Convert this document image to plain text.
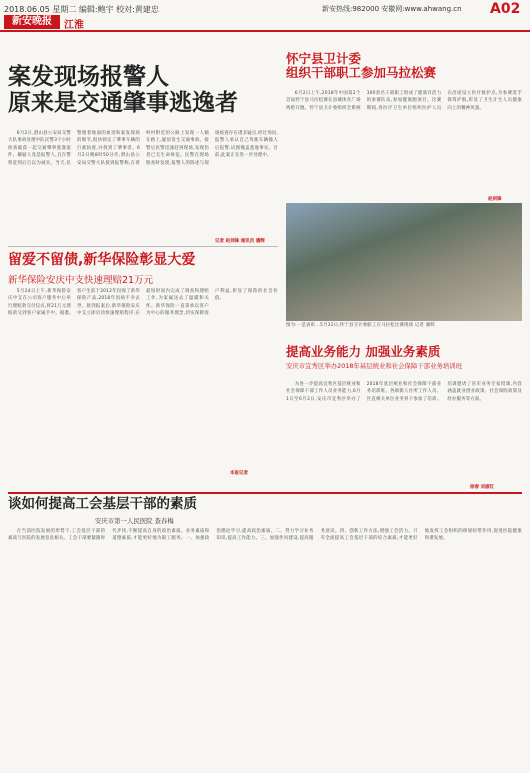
2018.06.05 星期二 编辑:鲍宇 校对:黄建忠	新安热线:982000 安徽网:www.ahwang.cn A02
新安晚报	江淮
案发现场报警人
原来是交通肇事逃逸者

6月2日,潜山县公安局交警大队事故处理中队民警3个小时侦查破获一起交通肇事逃逸案件。嫌疑人竟是报警人,且在警察赶到后自以为诚实。当天,民警循着地面的血迹和案发现场的细节,很快锁定了肇事车辆的行驶轨迹,并找到了肇事者。6月2日晚8时50分许,潜山县公安局交警大队接到报警称,在黄岭村附近的公路上发现一人躺在路上,疑似发生交通事故。接警后民警迅速赶到现场,发现伤者已无生命体征。民警在现场勘查时发现,报警人的陈述与现场痕迹存在诸多疑点,经过询问,报警人承认自己驾驶车辆撞人后报警,试图掩盖逃逸事实。目前,此案正在进一步处理中。

记者 赵剑锋 通讯员 潘辉
怀宁县卫计委
组织干部职工参加马拉松赛

6月2日上午,2018年中国第2个首届怀宁县马拉松赛在县城体育广场鸣枪开跑。怀宁县卫计委组织全系统300余名干部职工组成了健康有活力的参赛队伍,参加健康跑项目。比赛期间,各医疗卫生单位组织医护人员在沿途设立医疗救护点,为参赛选手保驾护航,彰显了卫生计生人员健康向上的精神风貌。

赵剑锋
图为:一是表彰...5月31日,怀宁县卫计委职工在马拉松比赛现场 记者 潘辉
留爱不留债,新华保险彰显大爱
新华保险安庆中支快速理赔21万元

5月24日上午,新华保险安庆中支在公司客户服务中心举行理赔款交付仪式,将21万元理赔款交到客户家属手中。据悉,客户生前于2012年投保了新华保险产品,2018年因病不幸去世。接到报案后,新华保险安庆中支立即启动快速理赔程序,在最短时间内完成了调查和理赔工作,为家属送去了温暖和关怀。新华保险一直秉承以客户为中心的服务理念,切实保障客户利益,彰显了保险的社会价值。

本报记者
提高业务能力 加强业务素质
安庆市宜秀区举办2018年基层统业和社会保障干部业务培训班

为进一步提高宜秀区基层统业和社会保障干部工作人员业务能力,6月1日至6月2日,安庆市宜秀区举办了2018年基层统业和社会保障干部业务培训班。各镇街人社所工作人员、区直相关单位业务骨干参加了培训。培训邀请了省市业务专家授课,内容涵盖就业创业政策、社会保险政策及经办服务等方面。

徐春 刘淑红
谈如何提高工会基层干部的素质
安庆市第一人民医院 查春梅

在当前医院发展的形势下,工会基层干部的素质与医院的发展息息相关。工会干部要紧跟时代步伐,不断提高自身的政治素质、业务素质和道德素质,才能更好地为职工服务。一、加强政治理论学习,提高政治素质。二、努力学习业务知识,提高工作能力。三、加强作风建设,提高服务意识。四、创新工作方法,增强工会活力。只有全面提高工会基层干部的综合素质,才能更好地发挥工会组织的桥梁纽带作用,促进医院健康和谐发展。
